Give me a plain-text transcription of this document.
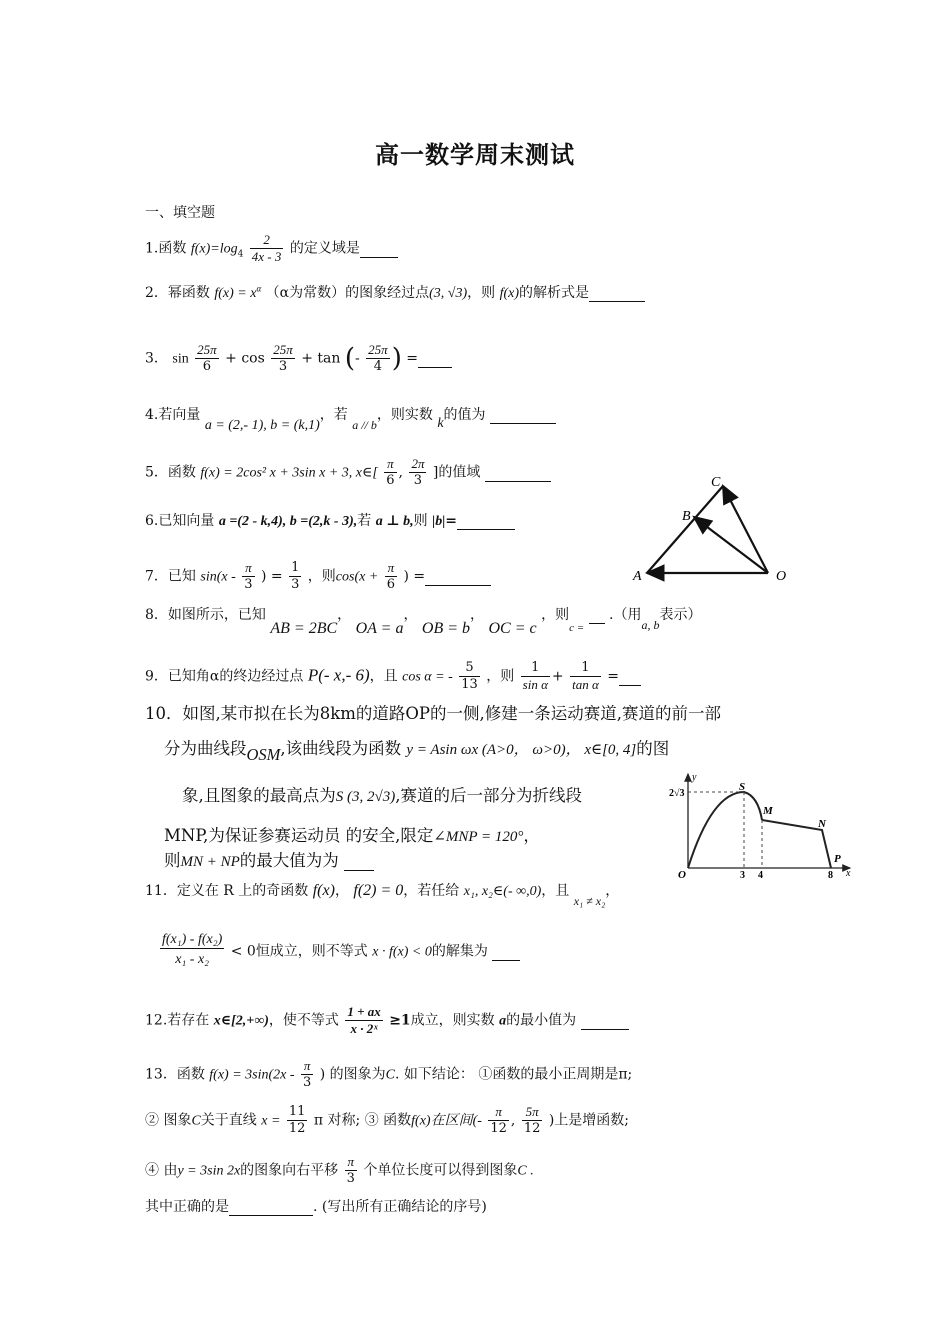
高一数学周末测试
一、填空题
1.函数 $f(x)=\log_4 \frac{2}{4x - 3}$ 的定义域是
2．幂函数 $f(x) = x^\alpha$ （α为常数）的图象经过点(3, √3)，则 f(x)的解析式是
3． $\sin \frac{25\pi}{6} + \cos \frac{25\pi}{3} + \tan$ (- $\frac{25\pi}{4}$ ) =
4.若向量 a = (2,- 1), b = (k,1)，若 a // b，则实数 k的值为
5．函数 f(x) = 2cos² x + 3sin x + 3, x∈[ $\frac{\pi}{6}$ , $\frac{2\pi}{3}$ ]的值域
6.已知向量 a =(2 - k,4), b =(2,k - 3),若 a ⊥ b,则 |b|=
7．已知 $\sin(x - \frac{\pi}{3}$ ) = $\frac{1}{3}$ ，则$\cos(x + \frac{\pi}{6}$ ) =
8．如图所示，已知 AB = 2BC， OA = a， OB = b， OC = c ，则$_{c =}$   .（用a, b表示）
9．已知角α的终边经过点 P(- x,- 6)，且 cos α = - $\frac{5}{13}$ ，则 $\frac{1}{\text{sin α}} + \frac{1}{\text{tan α}}$ =
10．如图,某市拟在长为8km的道路OP的一侧,修建一条运动赛道,赛道的前一部
分为曲线段OSM,该曲线段为函数 y = Asin ωx (A>0， ω>0)， x∈[0, 4]的图
象,且图象的最高点为S (3, 2√3),赛道的后一部分为折线段
MNP,为保证参赛运动员 的安全,限定∠MNP = 120°，
则MN + NP的最大值为为
11．定义在 R 上的奇函数 f(x)， f(2) = 0，若任给 x₁, x₂∈(- ∞,0)，且 x₁ ≠ x₂，
$\frac{\text{f(x₁) - f(x₂)}}{\text{x₁ - x₂}} < 0$恒成立，则不等式 x · f(x) < 0的解集为
12.若存在 x∈[2,+∞)，使不等式 $\frac{1 + ax}{\text{x · 2ˣ}} \ge 1$成立，则实数 a的最小值为
13．函数 $f(x) = 3\sin(2x - \frac{\pi}{3}$ ) 的图象为C. 如下结论： ①函数的最小正周期是π;
② 图象C关于直线 $x = \frac{11}{12}$ π 对称; ③ 函数f(x)在区间(- $\frac{\pi}{12}$ , $\frac{5\pi}{12}$ )上是增函数;
④ 由y = 3sin 2x的图象向右平移 $\frac{\pi}{3}$ 个单位长度可以得到图象C .
其中正确的是	. (写出所有正确结论的序号)
A
B
C
O
y
x
2√3
S
M
N
P
O	3 4	8
